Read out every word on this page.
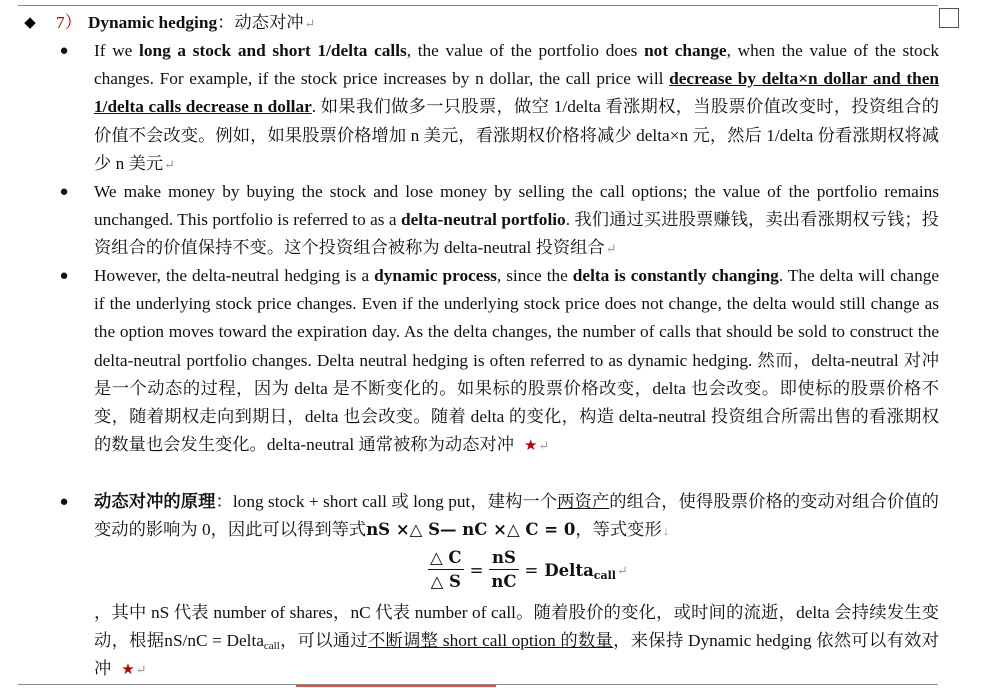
◆ 7） Dynamic hedging：动态对冲↵
● If we long a stock and short 1/delta calls, the value of the portfolio does not change, when the value of the stock changes. For example, if the stock price increases by n dollar, the call price will decrease by delta×n dollar and then 1/delta calls decrease n dollar. 如果我们做多一只股票，做空 1/delta 看涨期权，当股票价值改变时，投资组合的价值不会改变。例如，如果股票价格增加 n 美元，看涨期权价格将减少 delta×n 元，然后 1/delta 份看涨期权将减少 n 美元↵
● We make money by buying the stock and lose money by selling the call options; the value of the portfolio remains unchanged. This portfolio is referred to as a delta-neutral portfolio. 我们通过买进股票赚钱，卖出看涨期权亏钱；投资组合的价值保持不变。这个投资组合被称为 delta-neutral 投资组合↵
● However, the delta-neutral hedging is a dynamic process, since the delta is constantly changing. The delta will change if the underlying stock price changes. Even if the underlying stock price does not change, the delta would still change as the option moves toward the expiration day. As the delta changes, the number of calls that should be sold to construct the delta-neutral portfolio changes. Delta neutral hedging is often referred to as dynamic hedging. 然而，delta-neutral 对冲是一个动态的过程，因为 delta 是不断变化的。如果标的股票价格改变，delta 也会改变。即使标的股票价格不变，随着期权走向到期日，delta 也会改变。随着 delta 的变化，构造 delta-neutral 投资组合所需出售的看涨期权的数量也会发生变化。delta-neutral 通常被称为动态对冲 ★↵
● 动态对冲的原理：long stock + short call 或 long put，建构一个两资产的组合，使得股票价格的变动对组合价值的变动的影响为 0，因此可以得到等式nS ×△ S— nC ×△ C = 0，等式变形↓
$\frac{\triangle C}{\triangle S} = \frac{nS}{nC}$ = Delta$_{call}$↵
，其中 nS 代表 number of shares，nC 代表 number of call。随着股价的变化，或时间的流逝，delta 会持续发生变动，根据nS/nC = Delta$_{call}$，可以通过不断调整 short call option 的数量，来保持 Dynamic hedging 依然可以有效对冲 ★↵
